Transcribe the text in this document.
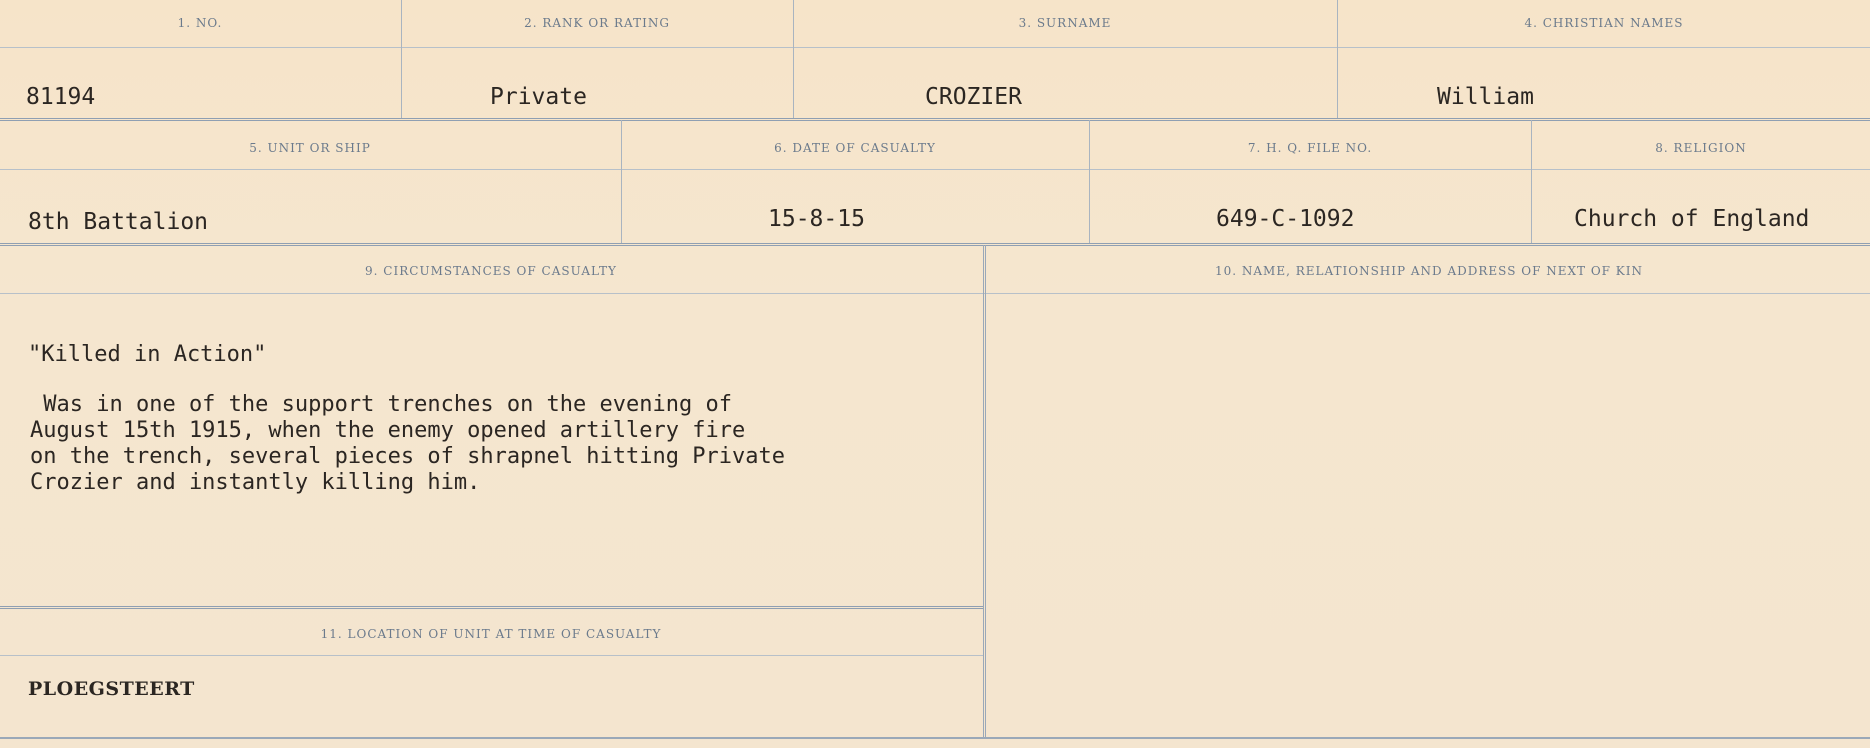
1. NO.	2. RANK OR RATING	3. SURNAME	4. CHRISTIAN NAMES
81194	Private	CROZIER	William
5. UNIT OR SHIP	6. DATE OF CASUALTY	7. H. Q. FILE NO.	8. RELIGION
8th Battalion	15-8-15	649-C-1092	Church of England
9. CIRCUMSTANCES OF CASUALTY	10. NAME, RELATIONSHIP AND ADDRESS OF NEXT OF KIN
"Killed in Action"
Was in one of the support trenches on the evening of
August 15th 1915, when the enemy opened artillery fire
on the trench, several pieces of shrapnel hitting Private
Crozier and instantly killing him.
11. LOCATION OF UNIT AT TIME OF CASUALTY
PLOEGSTEERT
